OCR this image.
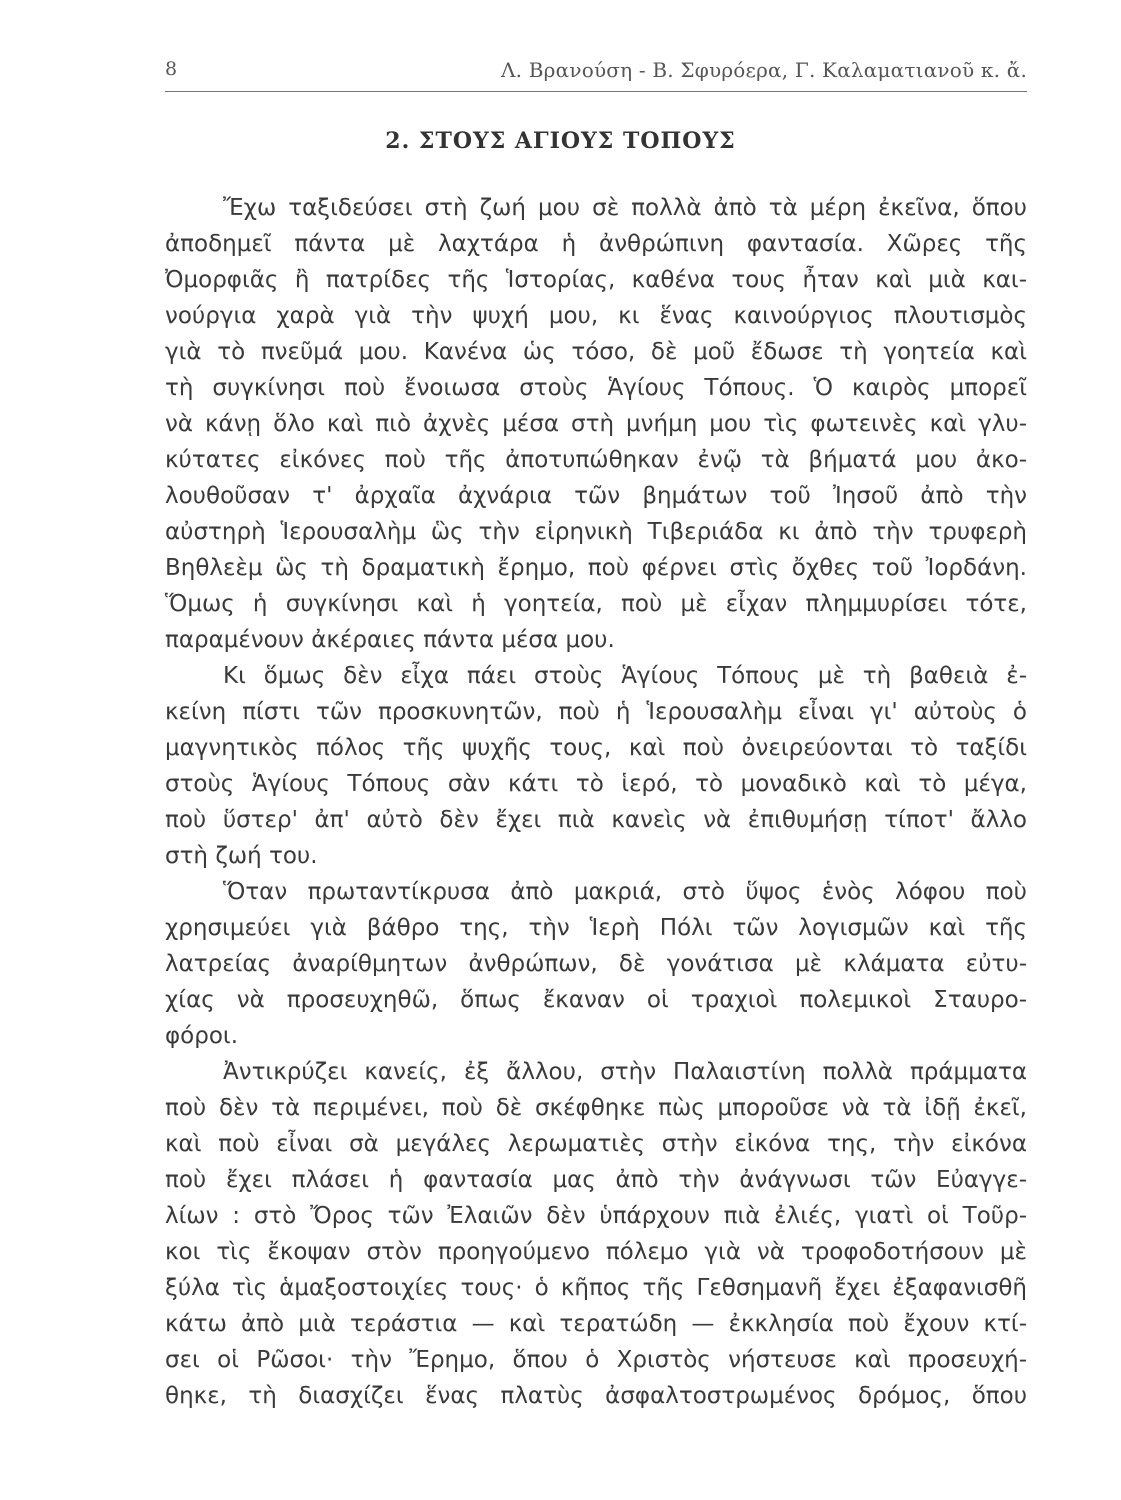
8	Λ. Βρανούση - Β. Σφυρόερα, Γ. Καλαματιανοῦ κ. ἄ.
2. ΣΤΟΥΣ ΑΓΙΟΥΣ ΤΟΠΟΥΣ
Ἔχω ταξιδεύσει στὴ ζωή μου σὲ πολλὰ ἀπὸ τὰ μέρη ἐκεῖνα, ὅπου
ἀποδημεῖ πάντα μὲ λαχτάρα ἡ ἀνθρώπινη φαντασία. Χῶρες τῆς
Ὀμορφιᾶς ἢ πατρίδες τῆς Ἱστορίας, καθένα τους ἦταν καὶ μιὰ και-
νούργια χαρὰ γιὰ τὴν ψυχή μου, κι ἕνας καινούργιος πλουτισμὸς
γιὰ τὸ πνεῦμά μου. Κανένα ὡς τόσο, δὲ μοῦ ἔδωσε τὴ γοητεία καὶ
τὴ συγκίνησι ποὺ ἔνοιωσα στοὺς Ἁγίους Τόπους. Ὁ καιρὸς μπορεῖ
νὰ κάνῃ ὅλο καὶ πιὸ ἀχνὲς μέσα στὴ μνήμη μου τὶς φωτεινὲς καὶ γλυ-
κύτατες εἰκόνες ποὺ τῆς ἀποτυπώθηκαν ἐνῷ τὰ βήματά μου ἀκο-
λουθοῦσαν τ' ἀρχαῖα ἀχνάρια τῶν βημάτων τοῦ Ἰησοῦ ἀπὸ τὴν
αὐστηρὴ Ἱερουσαλὴμ ὣς τὴν εἰρηνικὴ Τιβεριάδα κι ἀπὸ τὴν τρυφερὴ
Βηθλεὲμ ὣς τὴ δραματικὴ ἔρημο, ποὺ φέρνει στὶς ὄχθες τοῦ Ἰορδάνη.
Ὅμως ἡ συγκίνησι καὶ ἡ γοητεία, ποὺ μὲ εἶχαν πλημμυρίσει τότε,
παραμένουν ἀκέραιες πάντα μέσα μου.
Κι ὅμως δὲν εἶχα πάει στοὺς Ἁγίους Τόπους μὲ τὴ βαθειὰ ἐ-
κείνη πίστι τῶν προσκυνητῶν, ποὺ ἡ Ἱερουσαλὴμ εἶναι γι' αὐτοὺς ὁ
μαγνητικὸς πόλος τῆς ψυχῆς τους, καὶ ποὺ ὀνειρεύονται τὸ ταξίδι
στοὺς Ἁγίους Τόπους σὰν κάτι τὸ ἱερό, τὸ μοναδικὸ καὶ τὸ μέγα,
ποὺ ὕστερ' ἀπ' αὐτὸ δὲν ἔχει πιὰ κανεὶς νὰ ἐπιθυμήσῃ τίποτ' ἄλλο
στὴ ζωή του.
Ὅταν πρωταντίκρυσα ἀπὸ μακριά, στὸ ὕψος ἑνὸς λόφου ποὺ
χρησιμεύει γιὰ βάθρο της, τὴν Ἱερὴ Πόλι τῶν λογισμῶν καὶ τῆς
λατρείας ἀναρίθμητων ἀνθρώπων, δὲ γονάτισα μὲ κλάματα εὐτυ-
χίας νὰ προσευχηθῶ, ὅπως ἔκαναν οἱ τραχιοὶ πολεμικοὶ Σταυρο-
φόροι.
Ἀντικρύζει κανείς, ἐξ ἄλλου, στὴν Παλαιστίνη πολλὰ πράμματα
ποὺ δὲν τὰ περιμένει, ποὺ δὲ σκέφθηκε πὼς μποροῦσε νὰ τὰ ἰδῇ ἐκεῖ,
καὶ ποὺ εἶναι σὰ μεγάλες λερωματιὲς στὴν εἰκόνα της, τὴν εἰκόνα
ποὺ ἔχει πλάσει ἡ φαντασία μας ἀπὸ τὴν ἀνάγνωσι τῶν Εὐαγγε-
λίων : στὸ Ὄρος τῶν Ἐλαιῶν δὲν ὑπάρχουν πιὰ ἐλιές, γιατὶ οἱ Τοῦρ-
κοι τὶς ἔκοψαν στὸν προηγούμενο πόλεμο γιὰ νὰ τροφοδοτήσουν μὲ
ξύλα τὶς ἁμαξοστοιχίες τους· ὁ κῆπος τῆς Γεθσημανῆ ἔχει ἐξαφανισθῆ
κάτω ἀπὸ μιὰ τεράστια — καὶ τερατώδη — ἐκκλησία ποὺ ἔχουν κτί-
σει οἱ Ρῶσοι· τὴν Ἔρημο, ὅπου ὁ Χριστὸς νήστευσε καὶ προσευχή-
θηκε, τὴ διασχίζει ἕνας πλατὺς ἀσφαλτοστρωμένος δρόμος, ὅπου
